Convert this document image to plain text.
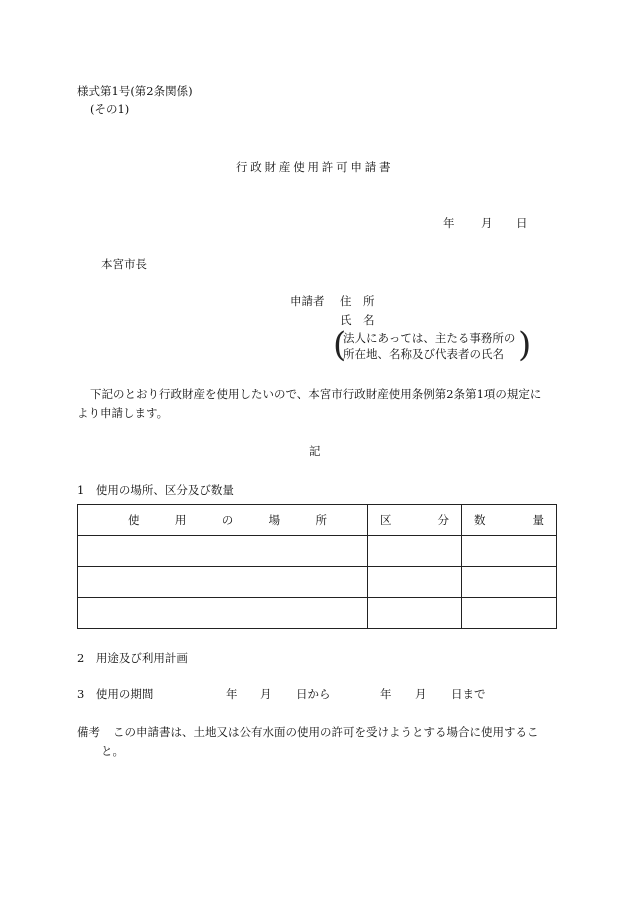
様式第1号(第2条関係)
(その1)
行政財産使用許可申請書
年 月 日
本宮市長
申請者 住　所
氏　名
(
法人にあっては、主たる事務所の
所在地、名称及び代表者の氏名 )
下記のとおり行政財産を使用したいので、本宮市行政財産使用条例第2条第1項の規定に
より申請します。
記
1　使用の場所、区分及び数量
使 用 の 場 所	区 分	数 量

2　用途及び利用計画
3　使用の期間	年 月 日から	年 月 日まで
備考 この申請書は、土地又は公有水面の使用の許可を受けようとする場合に使用するこ
と。
